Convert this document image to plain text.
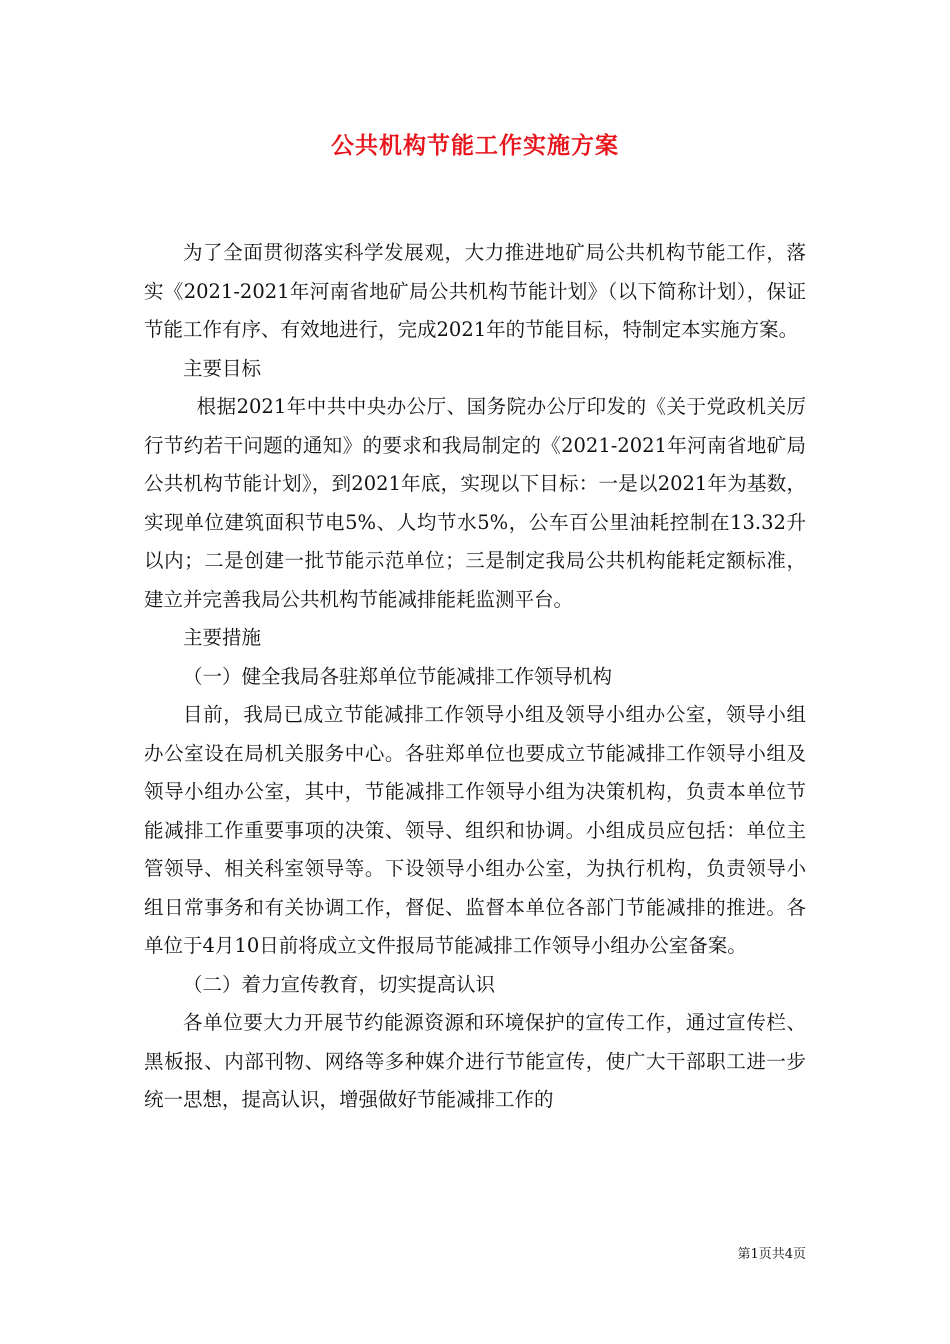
公共机构节能工作实施方案

为了全面贯彻落实科学发展观，大力推进地矿局公共机构节能工作，落实《2021-2021年河南省地矿局公共机构节能计划》（以下简称计划），保证节能工作有序、有效地进行，完成2021年的节能目标，特制定本实施方案。

主要目标

根据2021年中共中央办公厅、国务院办公厅印发的《关于党政机关厉行节约若干问题的通知》的要求和我局制定的《2021-2021年河南省地矿局公共机构节能计划》，到2021年底，实现以下目标：一是以2021年为基数，实现单位建筑面积节电5%、人均节水5%，公车百公里油耗控制在13.32升以内；二是创建一批节能示范单位；三是制定我局公共机构能耗定额标准，建立并完善我局公共机构节能减排能耗监测平台。

主要措施

（一）健全我局各驻郑单位节能减排工作领导机构

目前，我局已成立节能减排工作领导小组及领导小组办公室，领导小组办公室设在局机关服务中心。各驻郑单位也要成立节能减排工作领导小组及领导小组办公室，其中，节能减排工作领导小组为决策机构，负责本单位节能减排工作重要事项的决策、领导、组织和协调。小组成员应包括：单位主管领导、相关科室领导等。下设领导小组办公室，为执行机构，负责领导小组日常事务和有关协调工作，督促、监督本单位各部门节能减排的推进。各单位于4月10日前将成立文件报局节能减排工作领导小组办公室备案。

（二）着力宣传教育，切实提高认识

各单位要大力开展节约能源资源和环境保护的宣传工作，通过宣传栏、黑板报、内部刊物、网络等多种媒介进行节能宣传，使广大干部职工进一步统一思想，提高认识，增强做好节能减排工作的

第1页共4页
